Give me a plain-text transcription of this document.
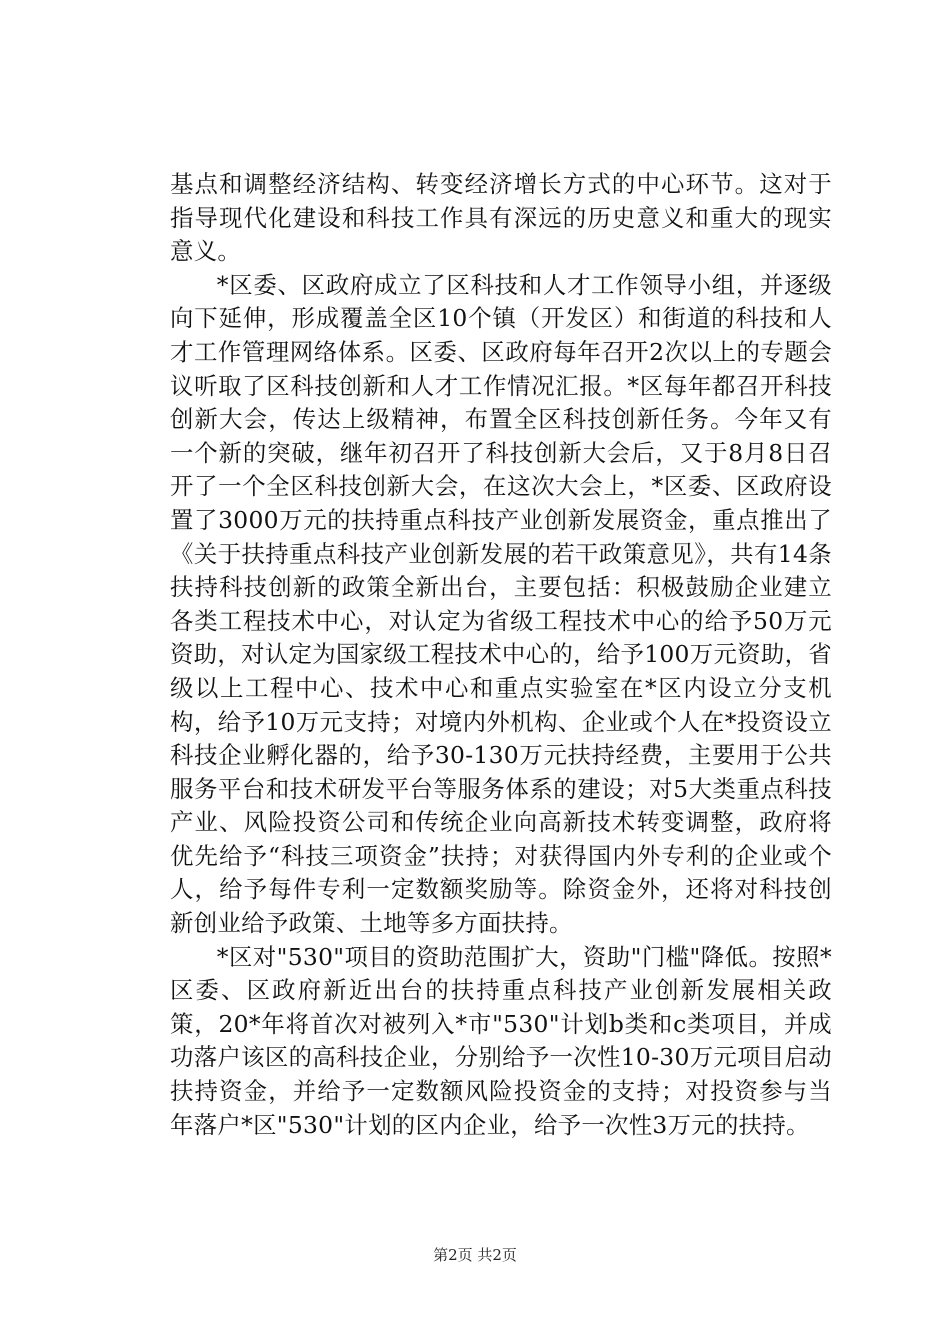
基点和调整经济结构、转变经济增长方式的中心环节。这对于指导现代化建设和科技工作具有深远的历史意义和重大的现实意义。

*区委、区政府成立了区科技和人才工作领导小组，并逐级向下延伸，形成覆盖全区10个镇（开发区）和街道的科技和人才工作管理网络体系。区委、区政府每年召开2次以上的专题会议听取了区科技创新和人才工作情况汇报。*区每年都召开科技创新大会，传达上级精神，布置全区科技创新任务。今年又有一个新的突破，继年初召开了科技创新大会后，又于8月8日召开了一个全区科技创新大会，在这次大会上，*区委、区政府设置了3000万元的扶持重点科技产业创新发展资金，重点推出了《关于扶持重点科技产业创新发展的若干政策意见》，共有14条扶持科技创新的政策全新出台，主要包括：积极鼓励企业建立各类工程技术中心，对认定为省级工程技术中心的给予50万元资助，对认定为国家级工程技术中心的，给予100万元资助，省级以上工程中心、技术中心和重点实验室在*区内设立分支机构，给予10万元支持；对境内外机构、企业或个人在*投资设立科技企业孵化器的，给予30-130万元扶持经费，主要用于公共服务平台和技术研发平台等服务体系的建设；对5大类重点科技产业、风险投资公司和传统企业向高新技术转变调整，政府将优先给予“科技三项资金”扶持；对获得国内外专利的企业或个人，给予每件专利一定数额奖励等。除资金外，还将对科技创新创业给予政策、土地等多方面扶持。

*区对"530"项目的资助范围扩大，资助"门槛"降低。按照*区委、区政府新近出台的扶持重点科技产业创新发展相关政策，20*年将首次对被列入*市"530"计划b类和c类项目，并成功落户该区的高科技企业，分别给予一次性10-30万元项目启动扶持资金，并给予一定数额风险投资金的支持；对投资参与当年落户*区"530"计划的区内企业，给予一次性3万元的扶持。

第2页 共2页
